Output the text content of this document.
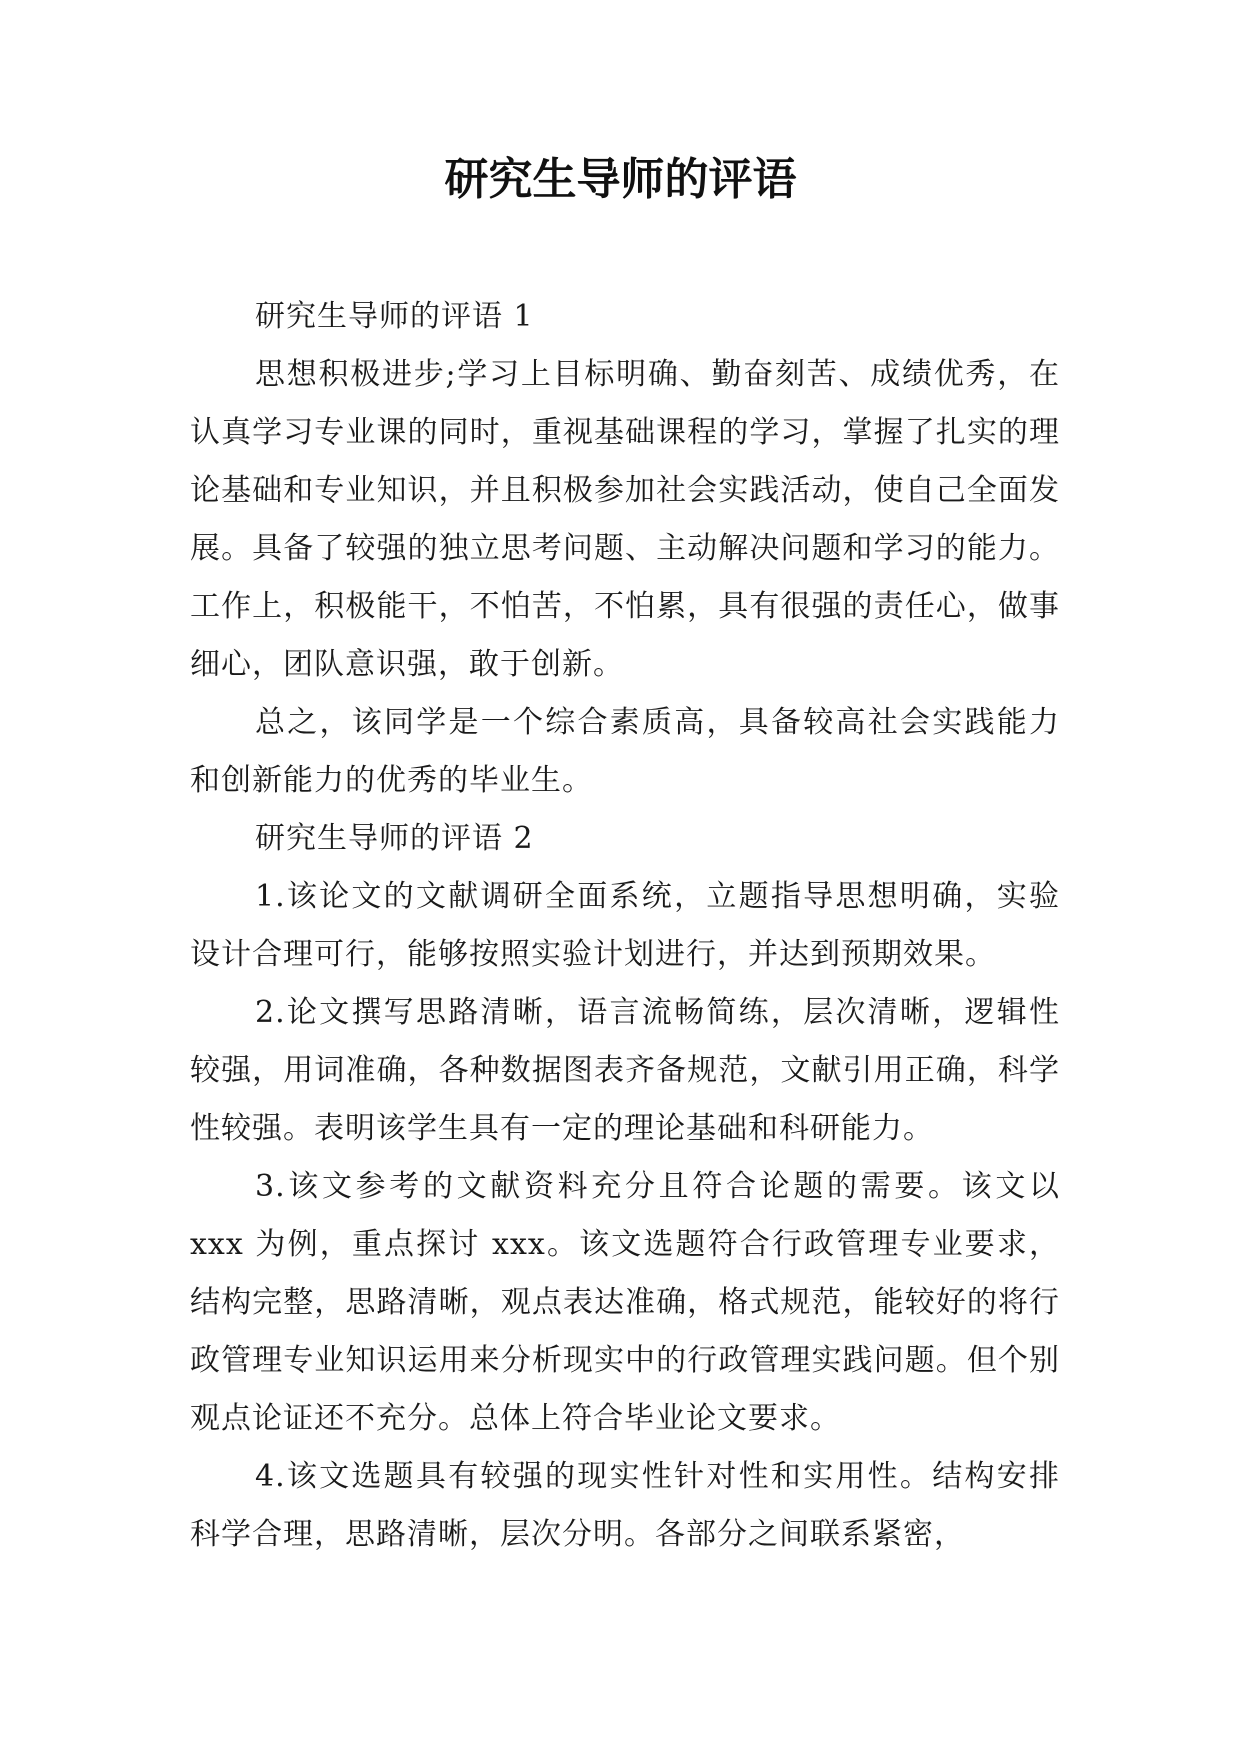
研究生导师的评语

研究生导师的评语 1

思想积极进步;学习上目标明确、勤奋刻苦、成绩优秀，在认真学习专业课的同时，重视基础课程的学习，掌握了扎实的理论基础和专业知识，并且积极参加社会实践活动，使自己全面发展。具备了较强的独立思考问题、主动解决问题和学习的能力。工作上，积极能干，不怕苦，不怕累，具有很强的责任心，做事细心，团队意识强，敢于创新。

总之，该同学是一个综合素质高，具备较高社会实践能力和创新能力的优秀的毕业生。

研究生导师的评语 2

1.该论文的文献调研全面系统，立题指导思想明确，实验设计合理可行，能够按照实验计划进行，并达到预期效果。

2.论文撰写思路清晰，语言流畅简练，层次清晰，逻辑性较强，用词准确，各种数据图表齐备规范，文献引用正确，科学性较强。表明该学生具有一定的理论基础和科研能力。

3.该文参考的文献资料充分且符合论题的需要。该文以 xxx 为例，重点探讨 xxx。该文选题符合行政管理专业要求，结构完整，思路清晰，观点表达准确，格式规范，能较好的将行政管理专业知识运用来分析现实中的行政管理实践问题。但个别观点论证还不充分。总体上符合毕业论文要求。

4.该文选题具有较强的现实性针对性和实用性。结构安排科学合理，思路清晰，层次分明。各部分之间联系紧密，
